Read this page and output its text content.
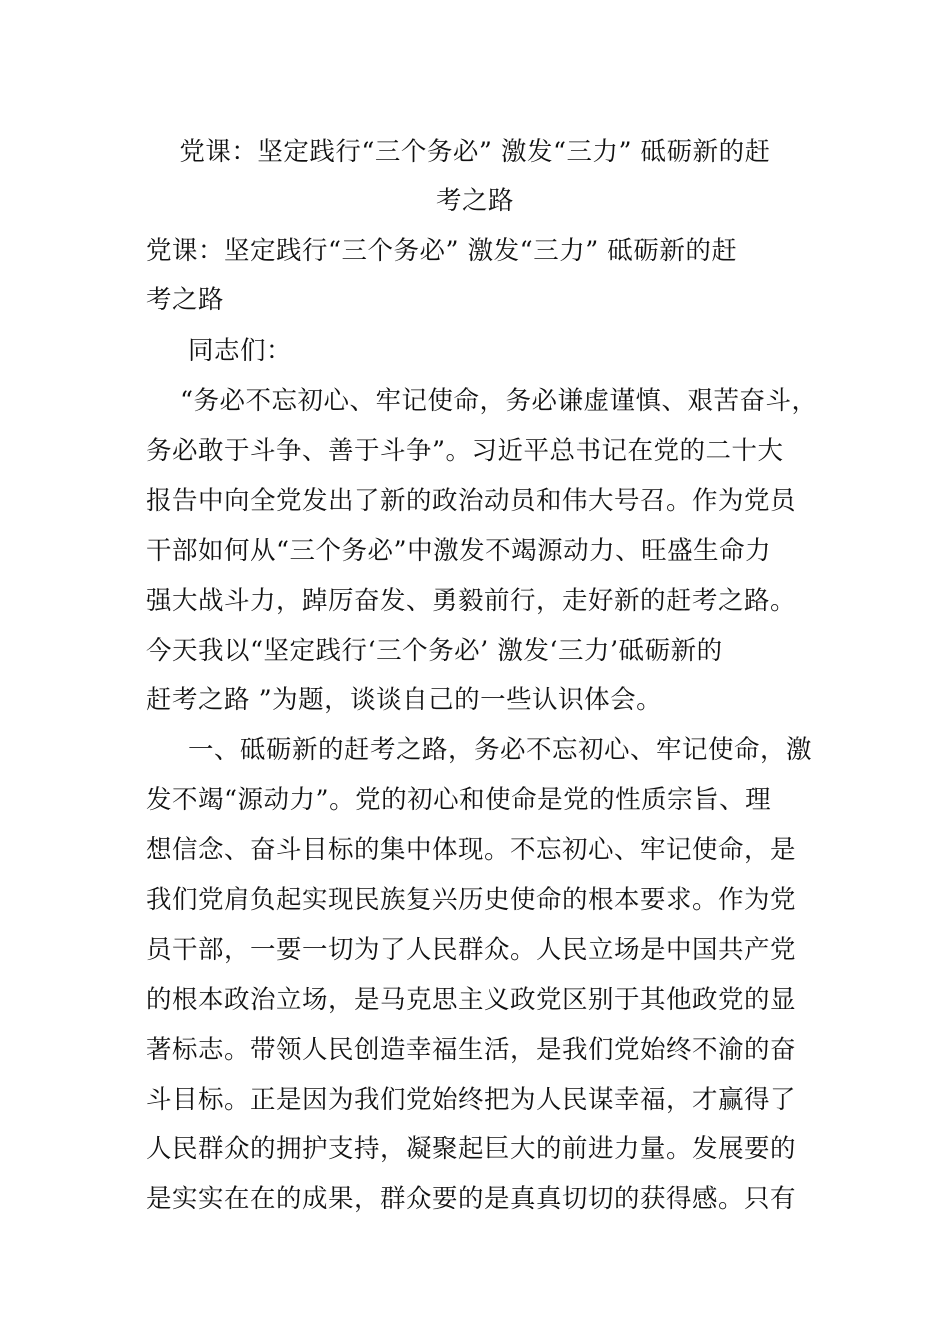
党课：坚定践行“三个务必” 激发“三力” 砥砺新的赶
考之路
党课：坚定践行“三个务必” 激发“三力” 砥砺新的赶
考之路
同志们：
“务必不忘初心、牢记使命，务必谦虚谨慎、艰苦奋斗，
务必敢于斗争、善于斗争”。习近平总书记在党的二十大
报告中向全党发出了新的政治动员和伟大号召。作为党员
干部如何从“三个务必”中激发不竭源动力、旺盛生命力
强大战斗力，踔厉奋发、勇毅前行，走好新的赶考之路。
今天我以“坚定践行‘三个务必’ 激发‘三力’砥砺新的
赶考之路 ”为题，谈谈自己的一些认识体会。
一、砥砺新的赶考之路，务必不忘初心、牢记使命，激
发不竭“源动力”。党的初心和使命是党的性质宗旨、理
想信念、奋斗目标的集中体现。不忘初心、牢记使命，是
我们党肩负起实现民族复兴历史使命的根本要求。作为党
员干部，一要一切为了人民群众。人民立场是中国共产党
的根本政治立场，是马克思主义政党区别于其他政党的显
著标志。带领人民创造幸福生活，是我们党始终不渝的奋
斗目标。正是因为我们党始终把为人民谋幸福，才赢得了
人民群众的拥护支持，凝聚起巨大的前进力量。发展要的
是实实在在的成果，群众要的是真真切切的获得感。只有
